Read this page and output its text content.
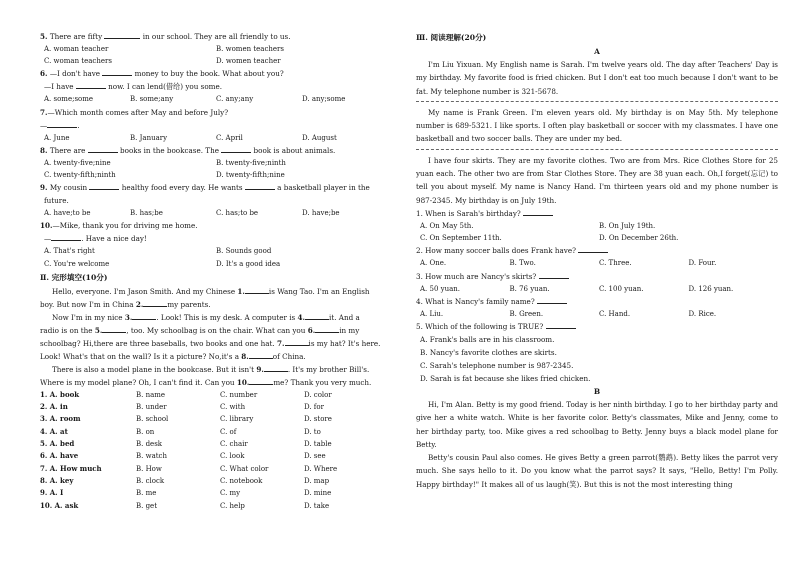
5. There are fifty	in our school. They are all friendly to us.
A. woman teacher	B. women teachers
C. woman teachers	D. women teacher
6. —I don't have	money to buy the book. What about you?
—I have	now. I can lend(借给) you some.
A. some;some	B. some;any	C. any;any	D. any;some
7.—Which month comes after May and before July?
—	.
A. June	B. January	C. April	D. August
8. There are	books in the bookcase. The	book is about animals.
A. twenty-five;nine	B. twenty-five;ninth
C. twenty-fifth;ninth	D. twenty-fifth;nine
9. My cousin	healthy food every day. He wants	a basketball player in the
future.
A. have;to be	B. has;be	C. has;to be	D. have;be
10.—Mike, thank you for driving me home.
—	. Have a nice day!
A. That's right	B. Sounds good
C. You're welcome	D. It's a good idea
Ⅱ. 完形填空(10分)
Hello, everyone. I'm Jason Smith. And my Chinese 1.	is Wang Tao. I'm an English
boy. But now I'm in China 2.	my parents.
Now I'm in my nice 3.	. Look! This is my desk. A computer is 4.	it. And a
radio is on the 5.	, too. My schoolbag is on the chair. What can you 6.	in my
schoolbag? Hi,there are three baseballs, two books and one hat. 7.	is my hat? It's here.
Look! What's that on the wall? Is it a picture? No,it's a 8.	of China.
There is also a model plane in the bookcase. But it isn't 9.	. It's my brother Bill's.
Where is my model plane? Oh, I can't find it. Can you 10.	me? Thank you very much.
1. A. book	B. name	C. number	D. color
2. A. in	B. under	C. with	D. for
3. A. room	B. school	C. library	D. store
4. A. at	B. on	C. of	D. to
5. A. bed	B. desk	C. chair	D. table
6. A. have	B. watch	C. look	D. see
7. A. How much	B. How	C. What color	D. Where
8. A. key	B. clock	C. notebook	D. map
9. A. I	B. me	C. my	D. mine
10. A. ask	B. get	C. help	D. take
Ⅲ. 阅读理解(20分)
A
I'm Liu Yixuan. My English name is Sarah. I'm twelve years old. The day after Teachers' Day is my birthday. My favorite food is fried chicken. But I don't eat too much because I don't want to be fat. My telephone number is 321-5678.
My name is Frank Green. I'm eleven years old. My birthday is on May 5th. My telephone number is 689-5321. I like sports. I often play basketball or soccer with my classmates. I have one basketball and two soccer balls. They are under my bed.
I have four skirts. They are my favorite clothes. Two are from Mrs. Rice Clothes Store for 25 yuan each. The other two are from Star Clothes Store. They are 38 yuan each. Oh,I forget(忘记) to tell you about myself. My name is Nancy Hand. I'm thirteen years old and my phone number is 987-2345. My birthday is on July 19th.
1. When is Sarah's birthday?
A. On May 5th.	B. On July 19th.
C. On September 11th.	D. On December 26th.
2. How many soccer balls does Frank have?
A. One.	B. Two.	C. Three.	D. Four.
3. How much are Nancy's skirts?
A. 50 yuan.	B. 76 yuan.	C. 100 yuan.	D. 126 yuan.
4. What is Nancy's family name?
A. Liu.	B. Green.	C. Hand.	D. Rice.
5. Which of the following is TRUE?
A. Frank's balls are in his classroom.
B. Nancy's favorite clothes are skirts.
C. Sarah's telephone number is 987-2345.
D. Sarah is fat because she likes fried chicken.
B
Hi, I'm Alan. Betty is my good friend. Today is her ninth birthday. I go to her birthday party and give her a white watch. White is her favorite color. Betty's classmates, Mike and Jenny, come to her birthday party, too. Mike gives a red schoolbag to Betty. Jenny buys a black model plane for Betty.
Betty's cousin Paul also comes. He gives Betty a green parrot(鹦鹉). Betty likes the parrot very much. She says hello to it. Do you know what the parrot says? It says, "Hello, Betty! I'm Polly. Happy birthday!" It makes all of us laugh(笑). But this is not the most interesting thing
